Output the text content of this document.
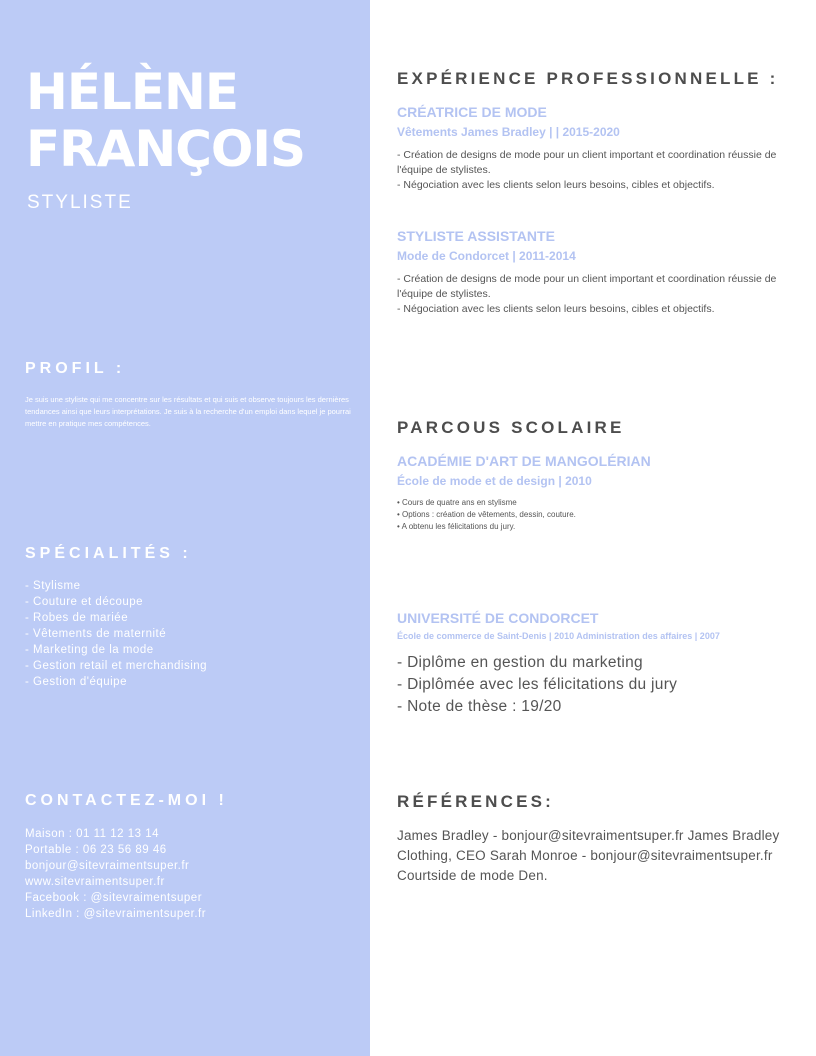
HÉLÈNE
FRANÇOIS
STYLISTE
PROFIL :
Je suis une styliste qui me concentre sur les résultats et qui suis et observe toujours les dernières tendances ainsi que leurs interprétations. Je suis à la recherche d'un emploi dans lequel je pourrai mettre en pratique mes compétences.
SPÉCIALITÉS :
- Stylisme
- Couture et découpe
- Robes de mariée
- Vêtements de maternité
- Marketing de la mode
- Gestion retail et merchandising
- Gestion d'équipe
CONTACTEZ-MOI !
Maison : 01 11 12 13 14
Portable : 06 23 56 89 46
bonjour@sitevraimentsuper.fr
www.sitevraimentsuper.fr
Facebook : @sitevraimentsuper
LinkedIn : @sitevraimentsuper.fr
EXPÉRIENCE PROFESSIONNELLE :
CRÉATRICE DE MODE
Vêtements James Bradley | | 2015-2020
- Création de designs de mode pour un client important et coordination réussie de l'équipe de stylistes.
- Négociation avec les clients selon leurs besoins, cibles et objectifs.
STYLISTE ASSISTANTE
Mode de Condorcet | 2011-2014
- Création de designs de mode pour un client important et coordination réussie de l'équipe de stylistes.
- Négociation avec les clients selon leurs besoins, cibles et objectifs.
PARCOUS SCOLAIRE
ACADÉMIE D'ART DE MANGOLÉRIAN
École de mode et de design | 2010
• Cours de quatre ans en stylisme
• Options : création de vêtements, dessin, couture.
• A obtenu les félicitations du jury.
UNIVERSITÉ DE CONDORCET
École de commerce de Saint-Denis | 2010 Administration des affaires | 2007
- Diplôme en gestion du marketing
- Diplômée avec les félicitations du jury
- Note de thèse : 19/20
RÉFÉRENCES:
James Bradley - bonjour@sitevraimentsuper.fr James Bradley Clothing, CEO Sarah Monroe - bonjour@sitevraimentsuper.fr Courtside de mode Den.
